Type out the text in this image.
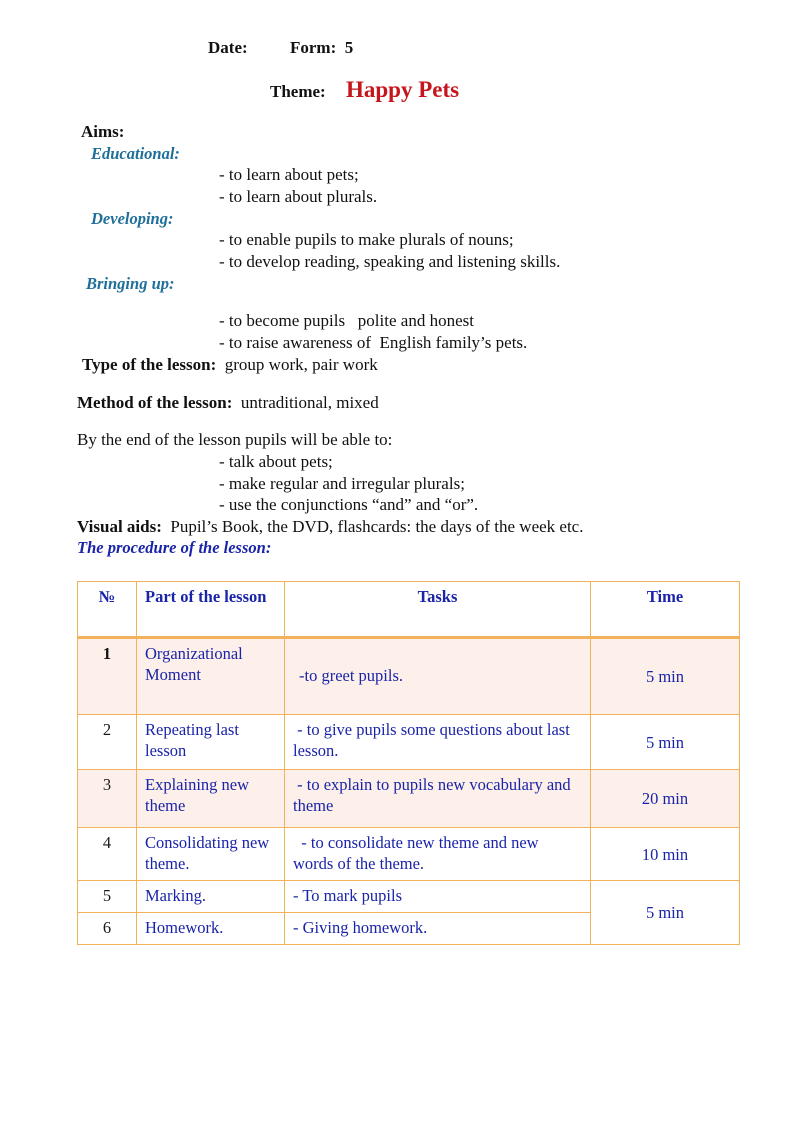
Date: Form: 5
Theme: Happy Pets
Aims:
Educational:
- to learn about pets;
- to learn about plurals.
Developing:
- to enable pupils to make plurals of nouns;
- to develop reading, speaking and listening skills.
Bringing up:
- to become pupils   polite and honest
- to raise awareness of  English family’s pets.
Type of the lesson: group work, pair work
Method of the lesson: untraditional, mixed
By the end of the lesson pupils will be able to:
- talk about pets;
- make regular and irregular plurals;
- use the conjunctions “and” and “or”.
Visual aids: Pupil’s Book, the DVD, flashcards: the days of the week etc.
The procedure of the lesson:
№	Part of the lesson	Tasks	Time
1	Organizational Moment	-to greet pupils.	5 min
2	Repeating last lesson	- to give pupils some questions about last lesson.	5 min
3	Explaining new theme	- to explain to pupils new vocabulary and theme	20 min
4	Consolidating new theme.	- to consolidate new theme and new words of the theme.	10 min
5	Marking.	- To mark pupils	5 min
6	Homework.	- Giving homework.	
